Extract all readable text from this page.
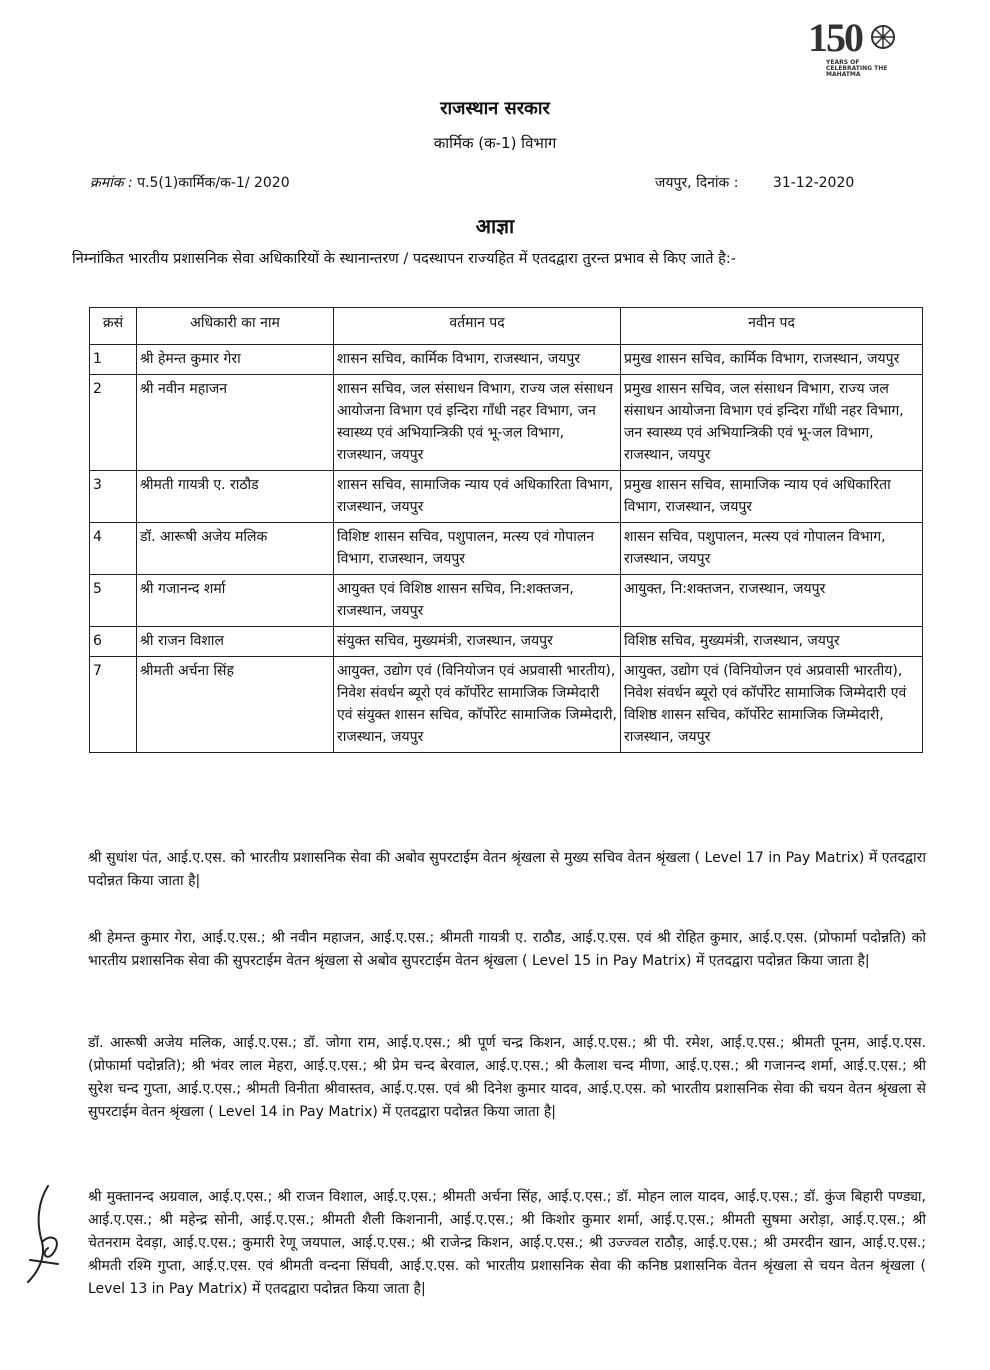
150
YEARS OF CELEBRATING THE MAHATMA
राजस्थान सरकार
कार्मिक (क-1) विभाग
क्रमांक : प.5(1)कार्मिक/क-1/ 2020	जयपुर, दिनांक : 31-12-2020
आज्ञा
निम्नांकित भारतीय प्रशासनिक सेवा अधिकारियों के स्थानान्तरण / पदस्थापन राज्यहित में एतदद्वारा तुरन्त प्रभाव से किए जाते है:-
क्रसं	अधिकारी का नाम	वर्तमान पद	नवीन पद
1	श्री हेमन्त कुमार गेरा	शासन सचिव, कार्मिक विभाग, राजस्थान, जयपुर	प्रमुख शासन सचिव, कार्मिक विभाग, राजस्थान, जयपुर
2	श्री नवीन महाजन	शासन सचिव, जल संसाधन विभाग, राज्य जल संसाधन आयोजना विभाग एवं इन्दिरा गाँधी नहर विभाग, जन स्वास्थ्य एवं अभियान्त्रिकी एवं भू-जल विभाग, राजस्थान, जयपुर	प्रमुख शासन सचिव, जल संसाधन विभाग, राज्य जल संसाधन आयोजना विभाग एवं इन्दिरा गाँधी नहर विभाग, जन स्वास्थ्य एवं अभियान्त्रिकी एवं भू-जल विभाग, राजस्थान, जयपुर
3	श्रीमती गायत्री ए. राठौड	शासन सचिव, सामाजिक न्याय एवं अधिकारिता विभाग, राजस्थान, जयपुर	प्रमुख शासन सचिव, सामाजिक न्याय एवं अधिकारिता विभाग, राजस्थान, जयपुर
4	डॉ. आरूषी अजेय मलिक	विशिष्ट शासन सचिव, पशुपालन, मत्स्य एवं गोपालन विभाग, राजस्थान, जयपुर	शासन सचिव, पशुपालन, मत्स्य एवं गोपालन विभाग, राजस्थान, जयपुर
5	श्री गजानन्द शर्मा	आयुक्त एवं विशिष्ठ शासन सचिव, नि:शक्तजन, राजस्थान, जयपुर	आयुक्त, नि:शक्तजन, राजस्थान, जयपुर
6	श्री राजन विशाल	संयुक्त सचिव, मुख्यमंत्री, राजस्थान, जयपुर	विशिष्ठ सचिव, मुख्यमंत्री, राजस्थान, जयपुर
7	श्रीमती अर्चना सिंह	आयुक्त, उद्योग एवं (विनियोजन एवं अप्रवासी भारतीय), निवेश संवर्धन ब्यूरो एवं कॉर्पोरेट सामाजिक जिम्मेदारी एवं संयुक्त शासन सचिव, कॉर्पोरेट सामाजिक जिम्मेदारी, राजस्थान, जयपुर	आयुक्त, उद्योग एवं (विनियोजन एवं अप्रवासी भारतीय), निवेश संवर्धन ब्यूरो एवं कॉर्पोरेट सामाजिक जिम्मेदारी एवं विशिष्ठ शासन सचिव, कॉर्पोरेट सामाजिक जिम्मेदारी, राजस्थान, जयपुर
श्री सुधांश पंत, आई.ए.एस. को भारतीय प्रशासनिक सेवा की अबोव सुपरटाईम वेतन श्रृंखला से मुख्य सचिव वेतन श्रृंखला ( Level 17 in Pay Matrix) में एतदद्वारा पदोन्नत किया जाता है|
श्री हेमन्त कुमार गेरा, आई.ए.एस.; श्री नवीन महाजन, आई.ए.एस.; श्रीमती गायत्री ए. राठौड, आई.ए.एस. एवं श्री रोहित कुमार, आई.ए.एस. (प्रोफार्मा पदोन्नति) को भारतीय प्रशासनिक सेवा की सुपरटाईम वेतन श्रृंखला से अबोव सुपरटाईम वेतन श्रृंखला ( Level 15 in Pay Matrix) में एतदद्वारा पदोन्नत किया जाता है|
डॉ. आरूषी अजेय मलिक, आई.ए.एस.; डॉ. जोगा राम, आई.ए.एस.; श्री पूर्ण चन्द्र किशन, आई.ए.एस.; श्री पी. रमेश, आई.ए.एस.; श्रीमती पूनम, आई.ए.एस. (प्रोफार्मा पदोन्नति); श्री भंवर लाल मेहरा, आई.ए.एस.; श्री प्रेम चन्द बेरवाल, आई.ए.एस.; श्री कैलाश चन्द मीणा, आई.ए.एस.; श्री गजानन्द शर्मा, आई.ए.एस.; श्री सुरेश चन्द गुप्ता, आई.ए.एस.; श्रीमती विनीता श्रीवास्तव, आई.ए.एस. एवं श्री दिनेश कुमार यादव, आई.ए.एस. को भारतीय प्रशासनिक सेवा की चयन वेतन श्रृंखला से सुपरटाईम वेतन श्रृंखला ( Level 14 in Pay Matrix) में एतदद्वारा पदोन्नत किया जाता है|
श्री मुक्तानन्द अग्रवाल, आई.ए.एस.; श्री राजन विशाल, आई.ए.एस.; श्रीमती अर्चना सिंह, आई.ए.एस.; डॉ. मोहन लाल यादव, आई.ए.एस.; डॉ. कुंज बिहारी पण्ड्या, आई.ए.एस.; श्री महेन्द्र सोनी, आई.ए.एस.; श्रीमती शैली किशनानी, आई.ए.एस.; श्री किशोर कुमार शर्मा, आई.ए.एस.; श्रीमती सुषमा अरोड़ा, आई.ए.एस.; श्री चेतनराम देवड़ा, आई.ए.एस.; कुमारी रेणू जयपाल, आई.ए.एस.; श्री राजेन्द्र किशन, आई.ए.एस.; श्री उज्ज्वल राठौड़, आई.ए.एस.; श्री उमरदीन खान, आई.ए.एस.; श्रीमती रश्मि गुप्ता, आई.ए.एस. एवं श्रीमती वन्दना सिंघवी, आई.ए.एस. को भारतीय प्रशासनिक सेवा की कनिष्ठ प्रशासनिक वेतन श्रृंखला से चयन वेतन श्रृंखला ( Level 13 in Pay Matrix) में एतदद्वारा पदोन्नत किया जाता है|
